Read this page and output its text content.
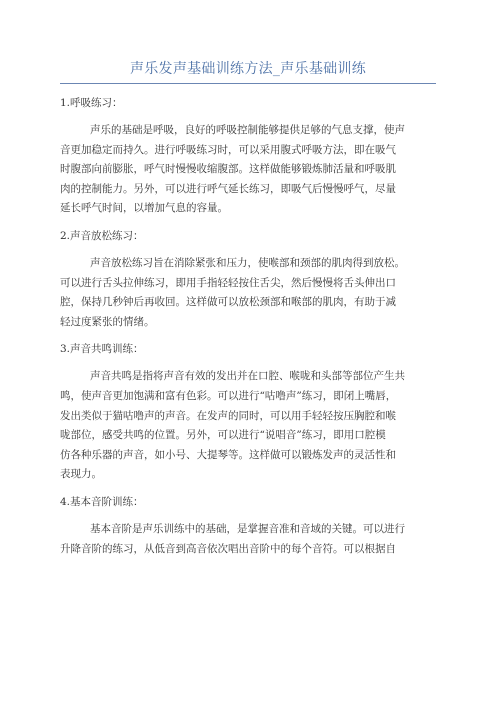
声乐发声基础训练方法_声乐基础训练

1.呼吸练习：

声乐的基础是呼吸，良好的呼吸控制能够提供足够的气息支撑，使声
音更加稳定而持久。进行呼吸练习时，可以采用腹式呼吸方法，即在吸气
时腹部向前膨胀，呼气时慢慢收缩腹部。这样做能够锻炼肺活量和呼吸肌
肉的控制能力。另外，可以进行呼气延长练习，即吸气后慢慢呼气，尽量
延长呼气时间，以增加气息的容量。

2.声音放松练习：

声音放松练习旨在消除紧张和压力，使喉部和颈部的肌肉得到放松。
可以进行舌头拉伸练习，即用手指轻轻按住舌尖，然后慢慢将舌头伸出口
腔，保持几秒钟后再收回。这样做可以放松颈部和喉部的肌肉，有助于减
轻过度紧张的情绪。

3.声音共鸣训练：

声音共鸣是指将声音有效的发出并在口腔、喉咙和头部等部位产生共
鸣，使声音更加饱满和富有色彩。可以进行“咕噜声”练习，即闭上嘴唇，
发出类似于猫咕噜声的声音。在发声的同时，可以用手轻轻按压胸腔和喉
咙部位，感受共鸣的位置。另外，可以进行“说唱音”练习，即用口腔模
仿各种乐器的声音，如小号、大提琴等。这样做可以锻炼发声的灵活性和
表现力。

4.基本音阶训练：

基本音阶是声乐训练中的基础，是掌握音准和音域的关键。可以进行
升降音阶的练习，从低音到高音依次唱出音阶中的每个音符。可以根据自
